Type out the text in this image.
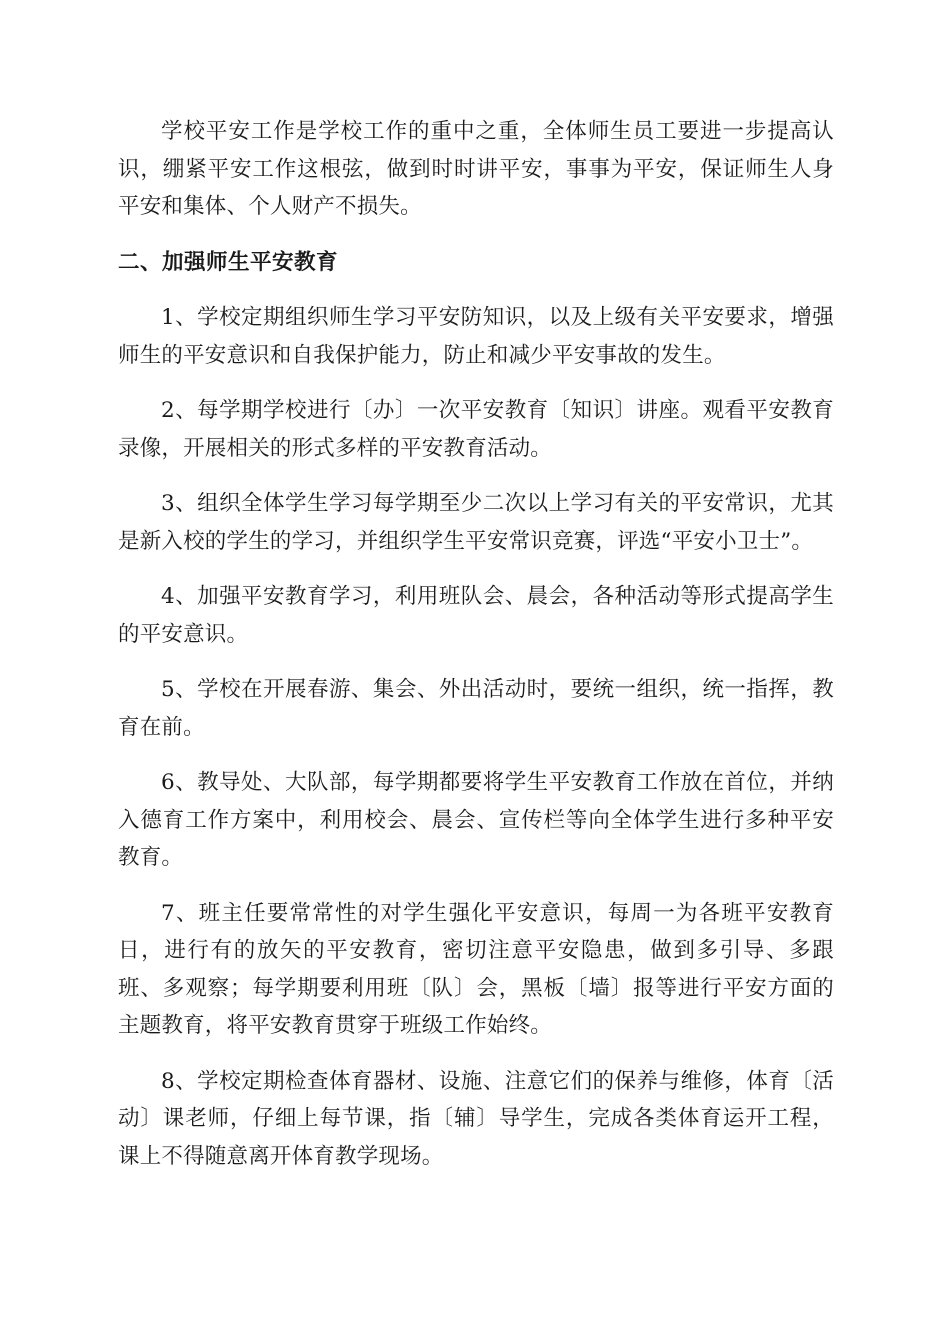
学校平安工作是学校工作的重中之重，全体师生员工要进一步提高认识，绷紧平安工作这根弦，做到时时讲平安，事事为平安，保证师生人身平安和集体、个人财产不损失。

二、加强师生平安教育

1、学校定期组织师生学习平安防知识，以及上级有关平安要求，增强师生的平安意识和自我保护能力，防止和减少平安事故的发生。

2、每学期学校进行〔办〕一次平安教育〔知识〕讲座。观看平安教育录像，开展相关的形式多样的平安教育活动。

3、组织全体学生学习每学期至少二次以上学习有关的平安常识，尤其是新入校的学生的学习，并组织学生平安常识竞赛，评选“平安小卫士”。

4、加强平安教育学习，利用班队会、晨会，各种活动等形式提高学生的平安意识。

5、学校在开展春游、集会、外出活动时，要统一组织，统一指挥，教育在前。

6、教导处、大队部，每学期都要将学生平安教育工作放在首位，并纳入德育工作方案中，利用校会、晨会、宣传栏等向全体学生进行多种平安教育。

7、班主任要常常性的对学生强化平安意识，每周一为各班平安教育日，进行有的放矢的平安教育，密切注意平安隐患，做到多引导、多跟班、多观察；每学期要利用班〔队〕会，黑板〔墙〕报等进行平安方面的主题教育，将平安教育贯穿于班级工作始终。

8、学校定期检查体育器材、设施、注意它们的保养与维修，体育〔活动〕课老师，仔细上每节课，指〔辅〕导学生，完成各类体育运开工程，课上不得随意离开体育教学现场。
